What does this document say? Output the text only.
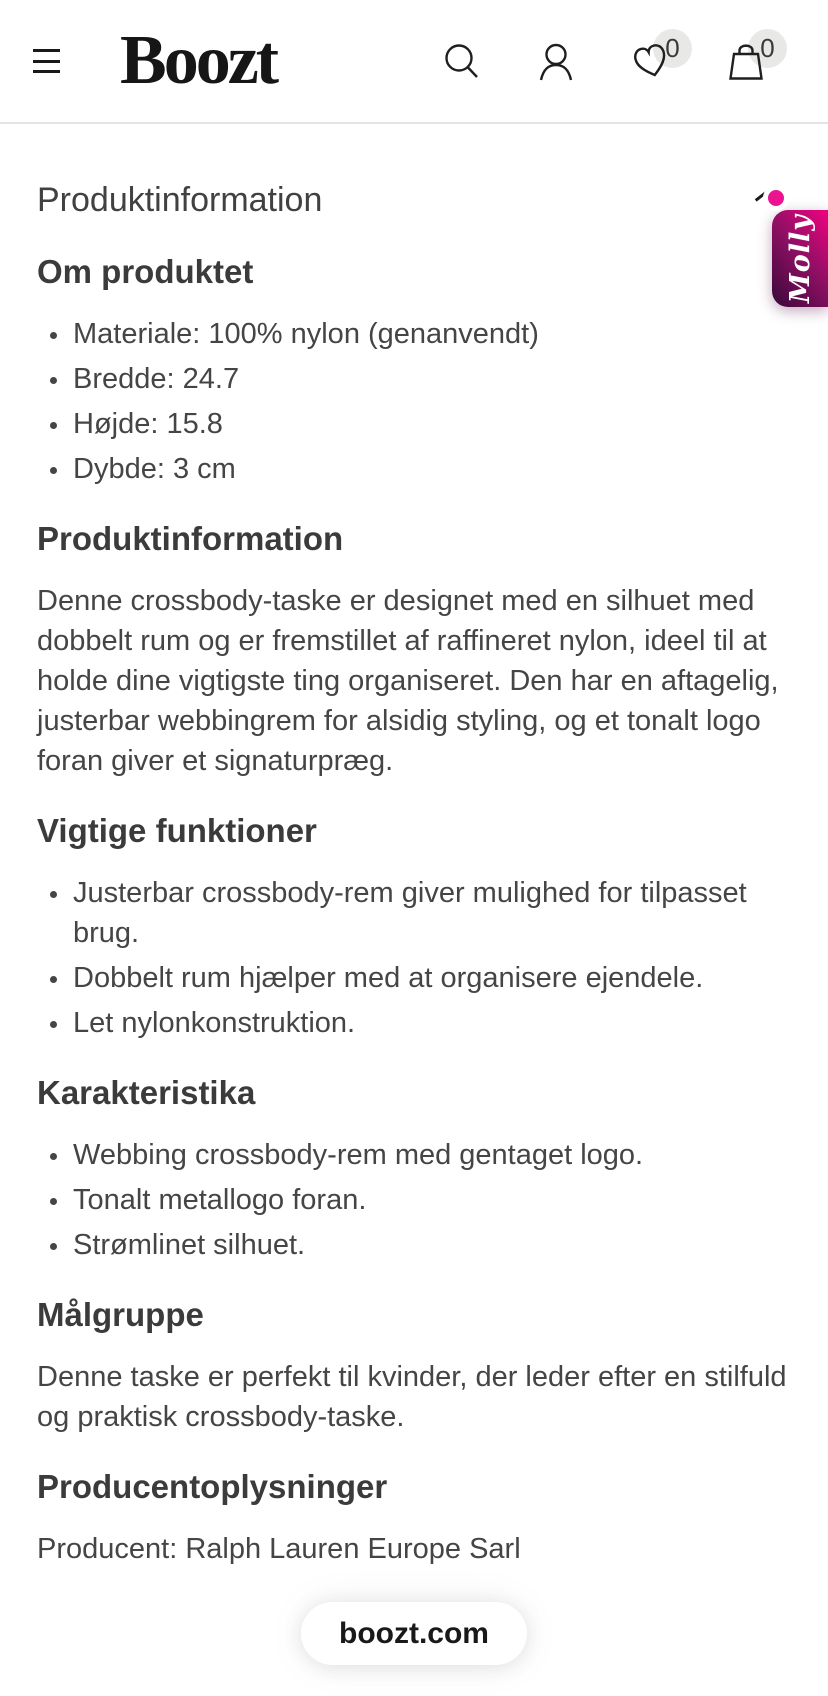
Boozt	0	0
Produktinformation
Om produktet
• Materiale: 100% nylon (genanvendt)
• Bredde: 24.7
• Højde: 15.8
• Dybde: 3 cm
Produktinformation

Denne crossbody-taske er designet med en silhuet med dobbelt rum og er fremstillet af raffineret nylon, ideel til at holde dine vigtigste ting organiseret. Den har en aftagelig, justerbar webbingrem for alsidig styling, og et tonalt logo foran giver et signaturpræg.

Vigtige funktioner
• Justerbar crossbody-rem giver mulighed for tilpasset brug.
• Dobbelt rum hjælper med at organisere ejendele.
• Let nylonkonstruktion.
Karakteristika
• Webbing crossbody-rem med gentaget logo.
• Tonalt metallogo foran.
• Strømlinet silhuet.
Målgruppe

Denne taske er perfekt til kvinder, der leder efter en stilfuld og praktisk crossbody-taske.

Producentoplysninger

Producent: Ralph Lauren Europe Sarl

Molly
boozt.com
